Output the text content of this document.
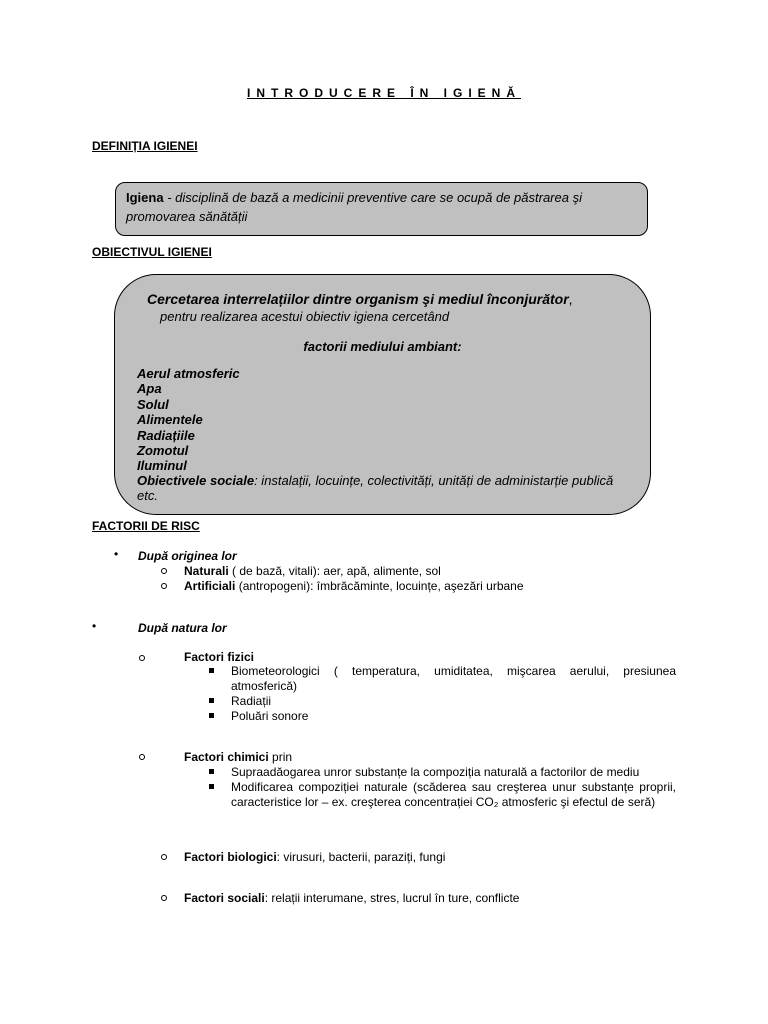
INTRODUCERE ÎN IGIENĂ
DEFINIȚIA IGIENEI
Igiena - disciplină de bază a medicinii preventive care se ocupă de păstrarea şi promovarea sănătății
OBIECTIVUL IGIENEI
Cercetarea interrelațiilor dintre organism şi mediul înconjurător,
pentru realizarea acestui obiectiv igiena cercetând
factorii mediului ambiant:
Aerul atmosferic
Apa
Solul
Alimentele
Radiațiile
Zomotul
Iluminul
Obiectivele sociale: instalații, locuințe, colectivități, unități de administarție publică etc.
FACTORII DE RISC
• După originea lor
Naturali ( de bază, vitali): aer, apă, alimente, sol
Artificiali (antropogeni): îmbrăcăminte, locuințe, aşezări urbane
•	După natura lor
Factori fizici
Biometeorologici ( temperatura, umiditatea, mişcarea aerului, presiunea atmosferică)
Radiații
Poluări sonore
Factori chimici prin
Supraadăogarea unror substanțe la compoziția naturală a factorilor de mediu
Modificarea compoziției naturale (scăderea sau creşterea unur substanțe proprii, caracteristice lor – ex. creşterea concentrației CO₂ atmosferic şi efectul de seră)
Factori biologici: virusuri, bacterii, paraziți, fungi
Factori sociali: relații interumane, stres, lucrul în ture, conflicte
